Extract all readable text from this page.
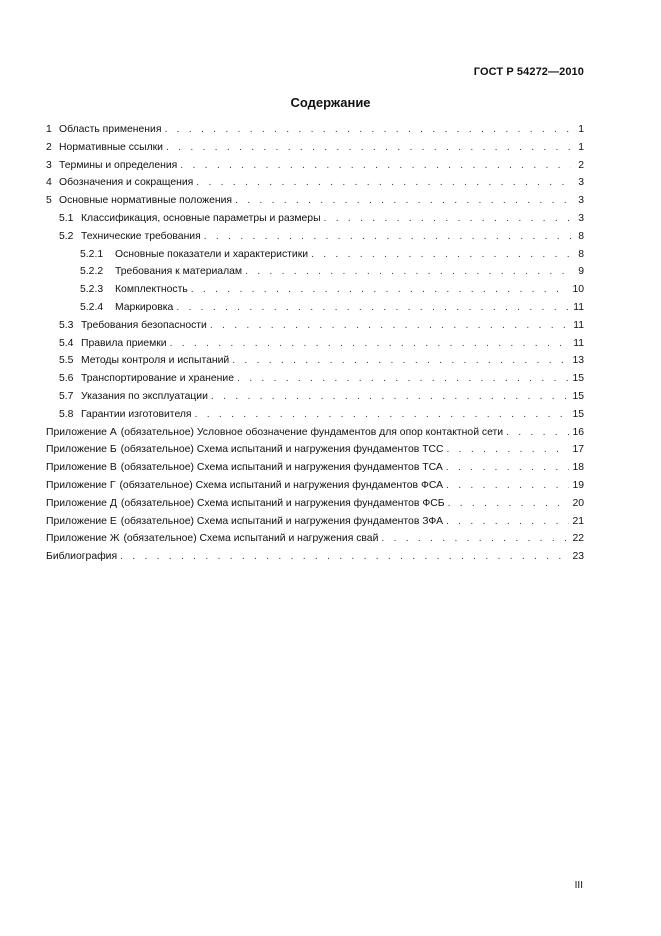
ГОСТ Р 54272—2010
Содержание
1 Область применения . . .	1
2 Нормативные ссылки . . .	1
3 Термины и определения . . .	2
4 Обозначения и сокращения . . .	3
5 Основные нормативные положения . . .	3
5.1 Классификация, основные параметры и размеры . . .	3
5.2 Технические требования . . .	8
5.2.1	Основные показатели и характеристики . . .	8
5.2.2	Требования к материалам . . .	9
5.2.3	Комплектность . . .	10
5.2.4	Маркировка . . .	11
5.3 Требования безопасности . . .	11
5.4 Правила приемки . . .	11
5.5 Методы контроля и испытаний . . .	13
5.6 Транспортирование и хранение . . .	15
5.7 Указания по эксплуатации . . .	15
5.8 Гарантии изготовителя . . .	15
Приложение А (обязательное) Условное обозначение фундаментов для опор контактной сети . . .	16
Приложение Б (обязательное) Схема испытаний и нагружения фундаментов ТСС . . .	17
Приложение В (обязательное) Схема испытаний и нагружения фундаментов ТСА . . .	18
Приложение Г (обязательное) Схема испытаний и нагружения фундаментов ФСА . . .	19
Приложение Д (обязательное) Схема испытаний и нагружения фундаментов ФСБ . . .	20
Приложение Е (обязательное) Схема испытаний и нагружения фундаментов ЗФА . . .	21
Приложение Ж (обязательное) Схема испытаний и нагружения свай . . .	22
Библиография . . .	23
III
